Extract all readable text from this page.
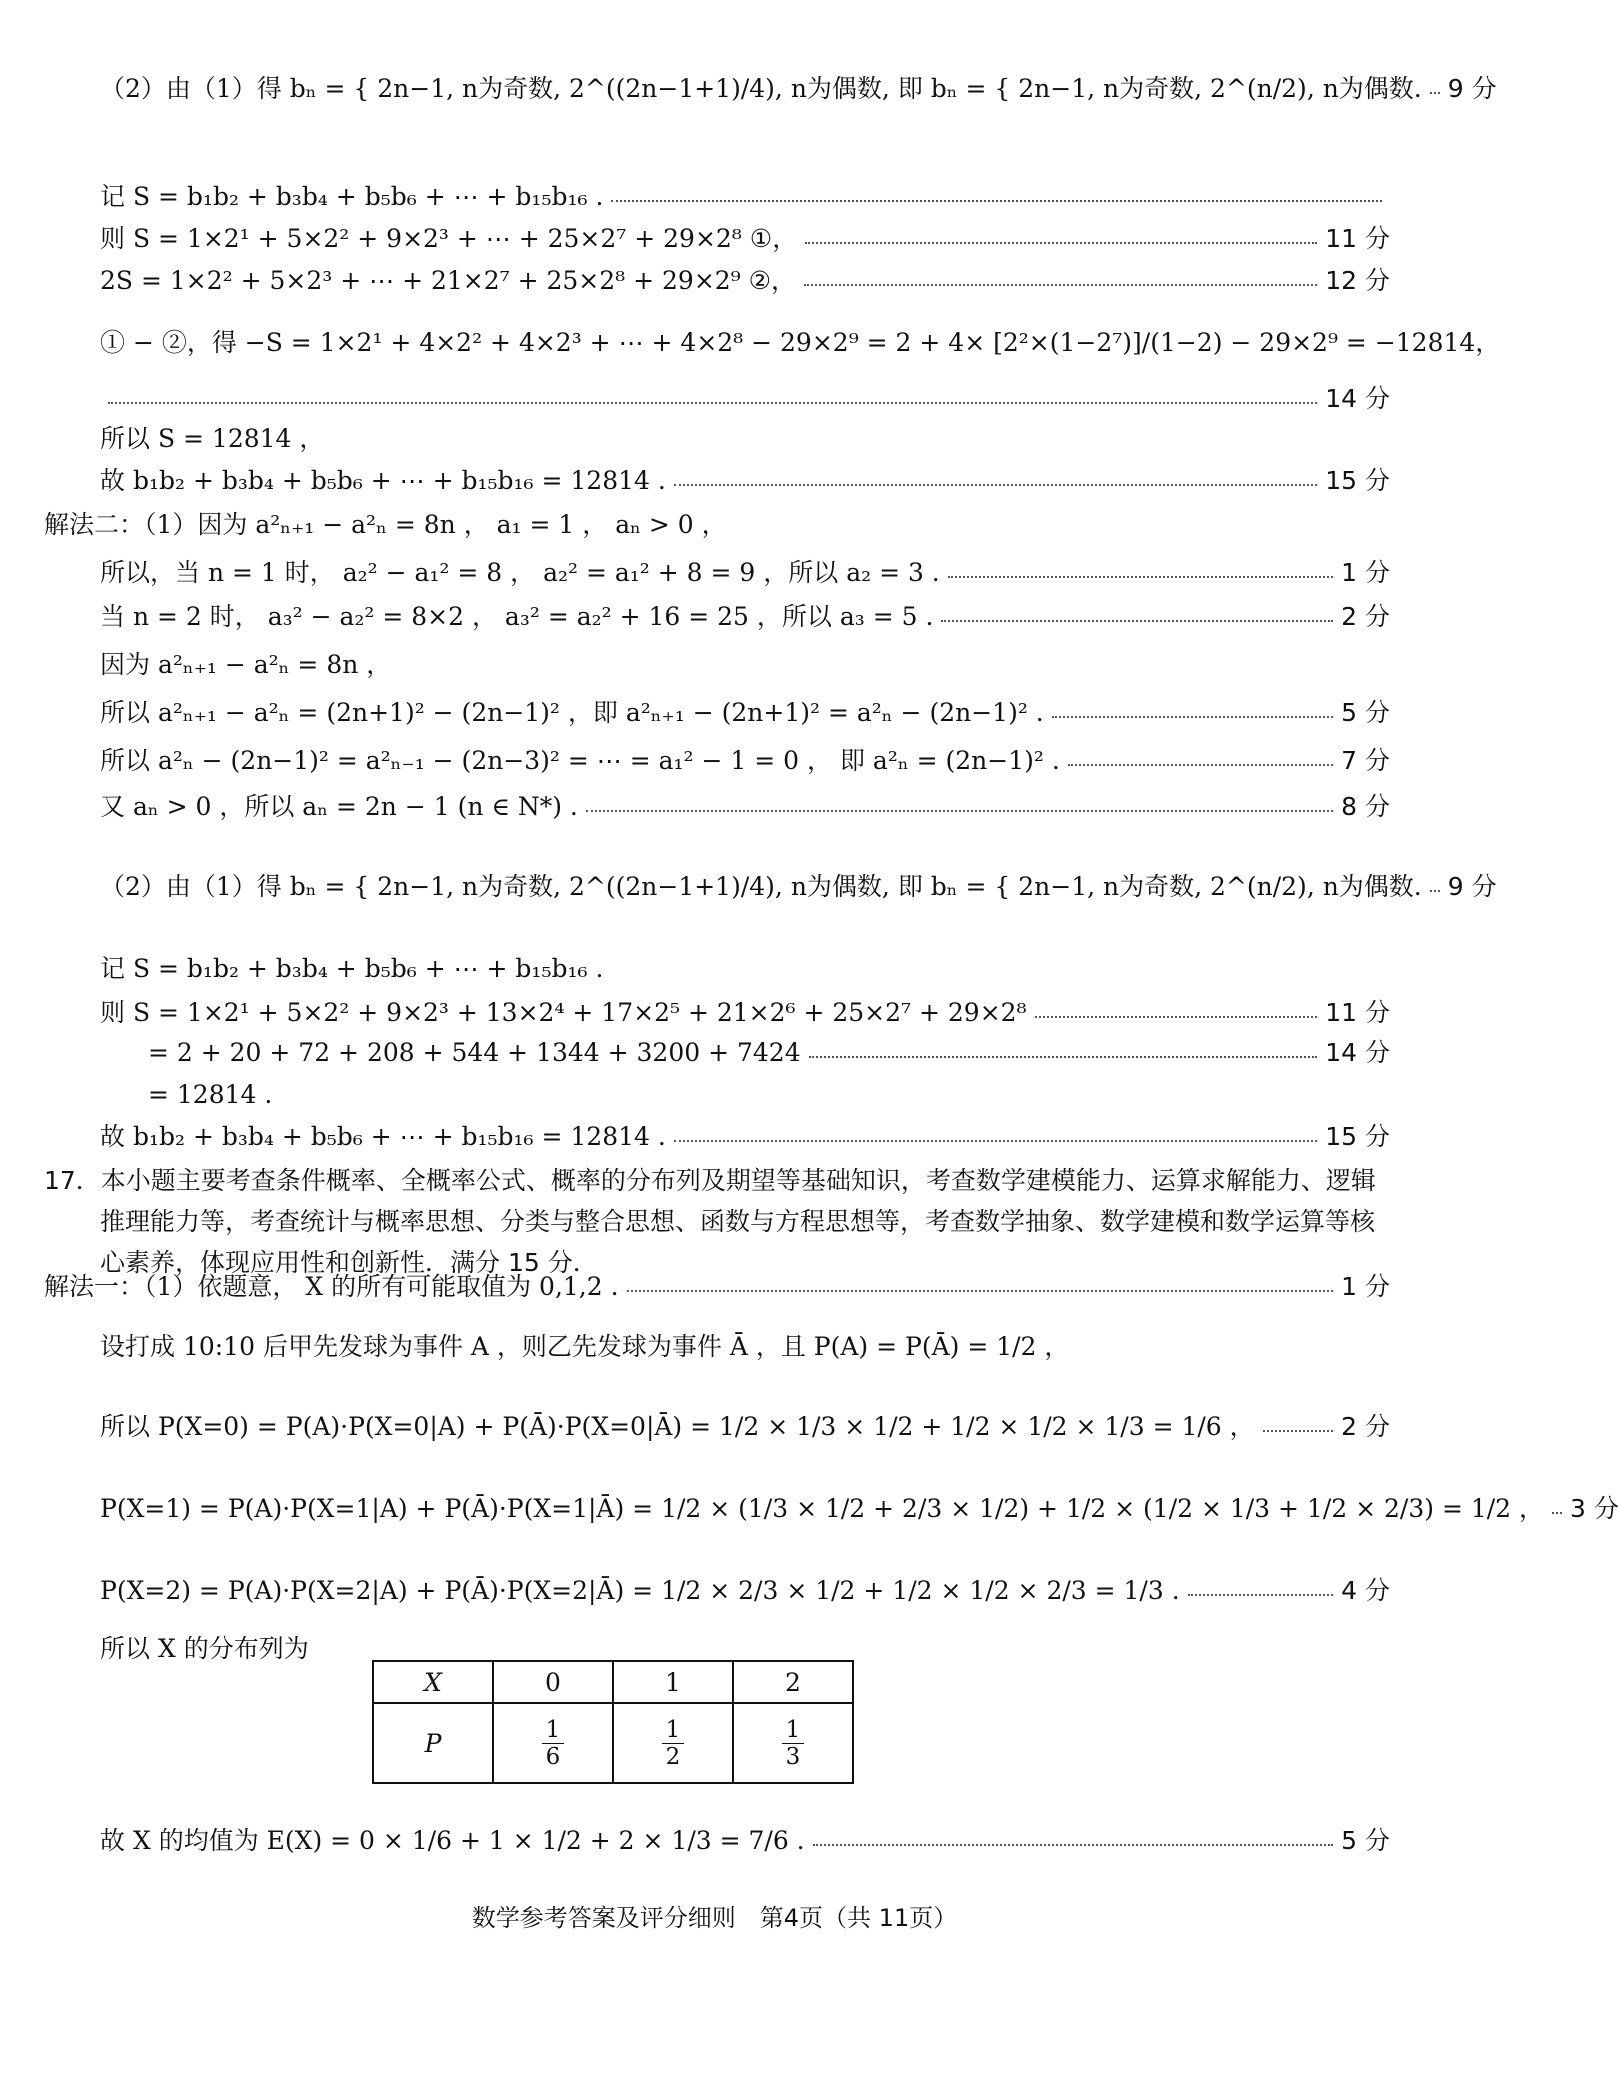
（2）由（1）得 bₙ = { 2n−1, n为奇数, 2^((2n−1+1)/4), n为偶数, 即 bₙ = { 2n−1, n为奇数, 2^(n/2), n为偶数. 9 分
记 S = b₁b₂ + b₃b₄ + b₅b₆ + ⋯ + b₁₅b₁₆ .
则 S = 1×2¹ + 5×2² + 9×2³ + ⋯ + 25×2⁷ + 29×2⁸ ①，	11 分
2S = 1×2² + 5×2³ + ⋯ + 21×2⁷ + 25×2⁸ + 29×2⁹ ②，	12 分
① − ②，得 −S = 1×2¹ + 4×2² + 4×2³ + ⋯ + 4×2⁸ − 29×2⁹ = 2 + 4× [2²×(1−2⁷)]/(1−2) − 29×2⁹ = −12814，
14 分
所以 S = 12814 ，
故 b₁b₂ + b₃b₄ + b₅b₆ + ⋯ + b₁₅b₁₆ = 12814 .	15 分
解法二：（1）因为 a²ₙ₊₁ − a²ₙ = 8n ， a₁ = 1 ， aₙ > 0 ，
所以，当 n = 1 时， a₂² − a₁² = 8 ， a₂² = a₁² + 8 = 9 ，所以 a₂ = 3 .	1 分
当 n = 2 时， a₃² − a₂² = 8×2 ， a₃² = a₂² + 16 = 25 ，所以 a₃ = 5 .	2 分
因为 a²ₙ₊₁ − a²ₙ = 8n ，
所以 a²ₙ₊₁ − a²ₙ = (2n+1)² − (2n−1)² ，即 a²ₙ₊₁ − (2n+1)² = a²ₙ − (2n−1)² .	5 分
所以 a²ₙ − (2n−1)² = a²ₙ₋₁ − (2n−3)² = ⋯ = a₁² − 1 = 0 ， 即 a²ₙ = (2n−1)² .	7 分
又 aₙ > 0 ，所以 aₙ = 2n − 1 (n ∈ N*) .	8 分
（2）由（1）得 bₙ = { 2n−1, n为奇数, 2^((2n−1+1)/4), n为偶数, 即 bₙ = { 2n−1, n为奇数, 2^(n/2), n为偶数. 9 分
记 S = b₁b₂ + b₃b₄ + b₅b₆ + ⋯ + b₁₅b₁₆ .
则 S = 1×2¹ + 5×2² + 9×2³ + 13×2⁴ + 17×2⁵ + 21×2⁶ + 25×2⁷ + 29×2⁸	11 分
= 2 + 20 + 72 + 208 + 544 + 1344 + 3200 + 7424	14 分
= 12814 .
故 b₁b₂ + b₃b₄ + b₅b₆ + ⋯ + b₁₅b₁₆ = 12814 .	15 分
17．本小题主要考查条件概率、全概率公式、概率的分布列及期望等基础知识，考查数学建模能力、运算求解能力、逻辑推理能力等，考查统计与概率思想、分类与整合思想、函数与方程思想等，考查数学抽象、数学建模和数学运算等核心素养，体现应用性和创新性．满分 15 分．
解法一：（1）依题意， X 的所有可能取值为 0,1,2 .	1 分
设打成 10:10 后甲先发球为事件 A ，则乙先发球为事件 Ā ，且 P(A) = P(Ā) = 1/2 ，
所以 P(X=0) = P(A)·P(X=0|A) + P(Ā)·P(X=0|Ā) = 1/2 × 1/3 × 1/2 + 1/2 × 1/2 × 1/3 = 1/6 ，	2 分
P(X=1) = P(A)·P(X=1|A) + P(Ā)·P(X=1|Ā) = 1/2 × (1/3 × 1/2 + 2/3 × 1/2) + 1/2 × (1/2 × 1/3 + 1/2 × 2/3) = 1/2 ， 3 分
P(X=2) = P(A)·P(X=2|A) + P(Ā)·P(X=2|Ā) = 1/2 × 2/3 × 1/2 + 1/2 × 1/2 × 2/3 = 1/3 .	4 分
所以 X 的分布列为
故 X 的均值为 E(X) = 0 × 1/6 + 1 × 1/2 + 2 × 1/3 = 7/6 .	5 分
X	0	1	2
P	$\frac{1}{6}$	$\frac{1}{2}$	$\frac{1}{3}$
数学参考答案及评分细则　第4页（共 11页）
